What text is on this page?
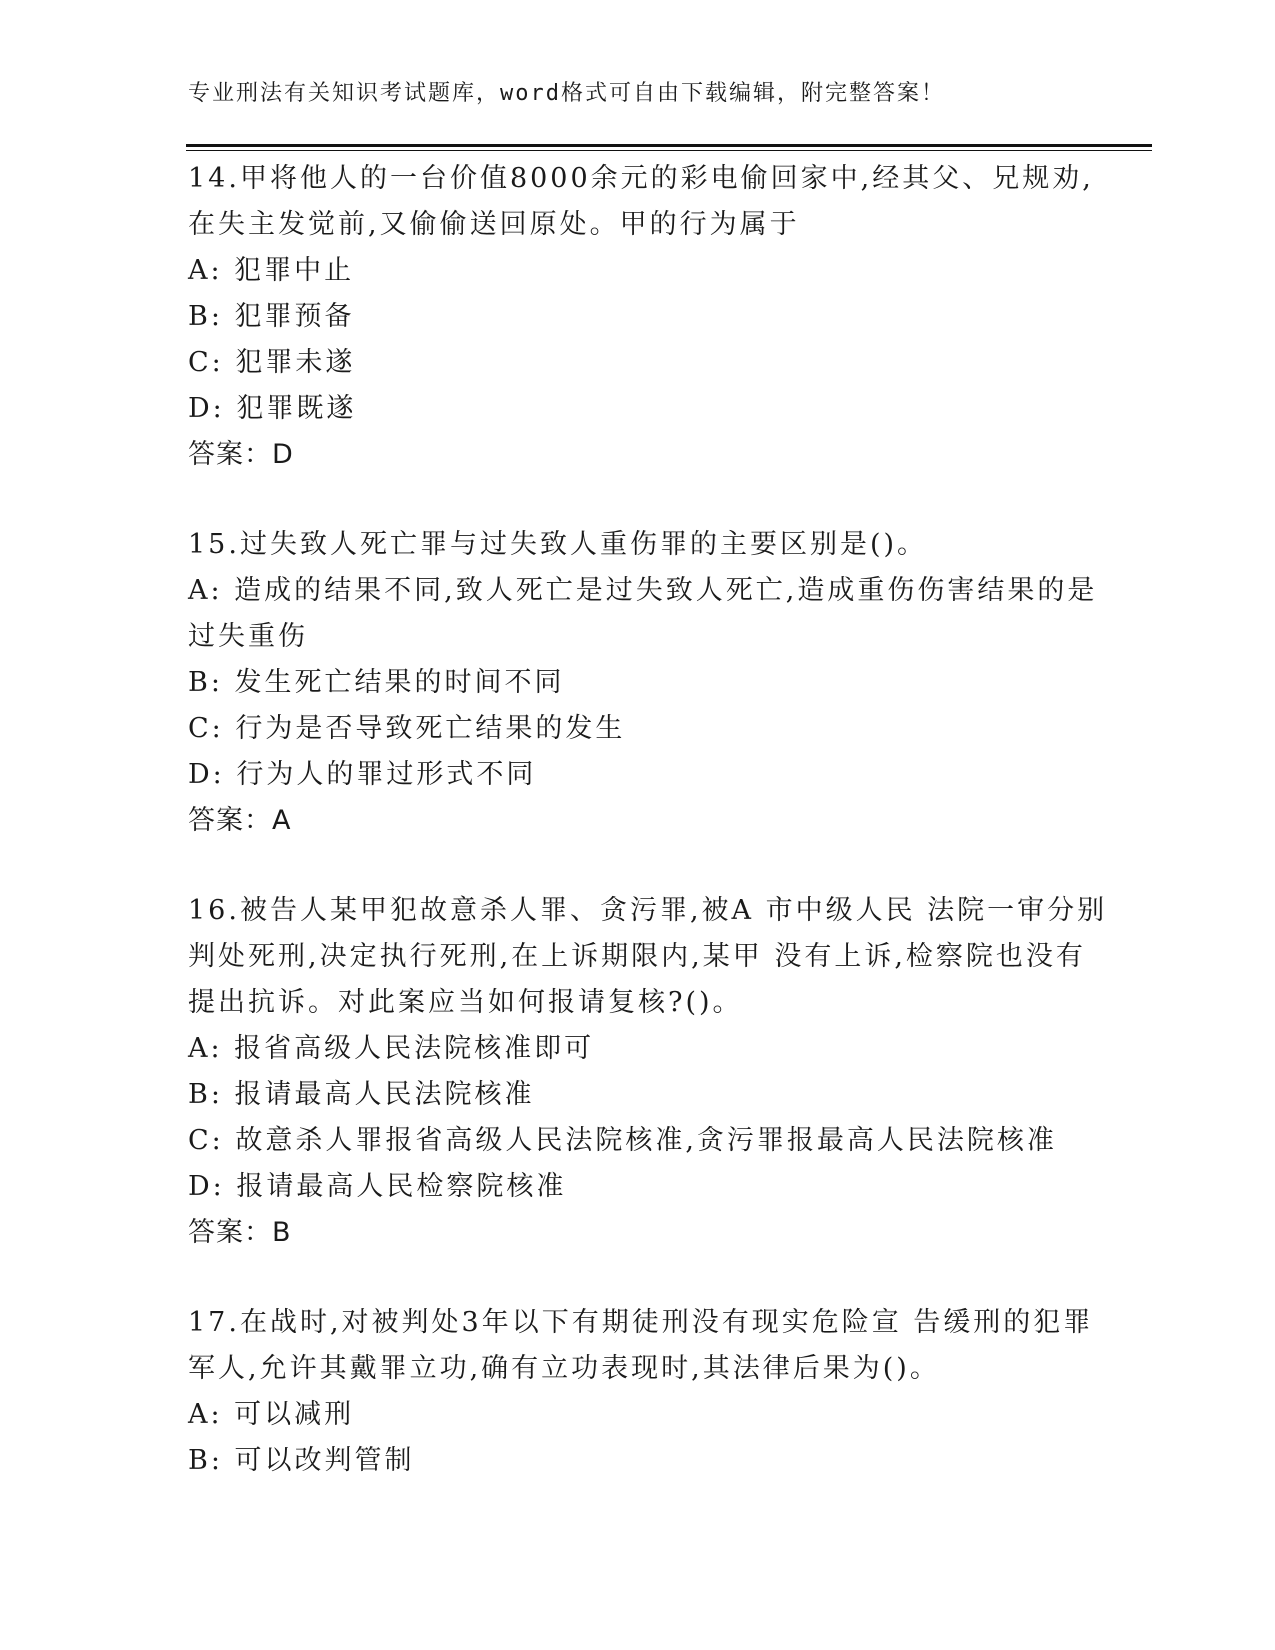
专业刑法有关知识考试题库，word格式可自由下载编辑，附完整答案！
14.甲将他人的一台价值8000余元的彩电偷回家中,经其父、兄规劝,
在失主发觉前,又偷偷送回原处。甲的行为属于
A: 犯罪中止
B: 犯罪预备
C: 犯罪未遂
D: 犯罪既遂
答案：D
15.过失致人死亡罪与过失致人重伤罪的主要区别是()。
A: 造成的结果不同,致人死亡是过失致人死亡,造成重伤伤害结果的是
过失重伤
B: 发生死亡结果的时间不同
C: 行为是否导致死亡结果的发生
D: 行为人的罪过形式不同
答案：A
16.被告人某甲犯故意杀人罪、贪污罪,被A 市中级人民 法院一审分别
判处死刑,决定执行死刑,在上诉期限内,某甲 没有上诉,检察院也没有
提出抗诉。对此案应当如何报请复核?()。
A: 报省高级人民法院核准即可
B: 报请最高人民法院核准
C: 故意杀人罪报省高级人民法院核准,贪污罪报最高人民法院核准
D: 报请最高人民检察院核准
答案：B
17.在战时,对被判处3年以下有期徒刑没有现实危险宣 告缓刑的犯罪
军人,允许其戴罪立功,确有立功表现时,其法律后果为()。
A: 可以减刑
B: 可以改判管制
